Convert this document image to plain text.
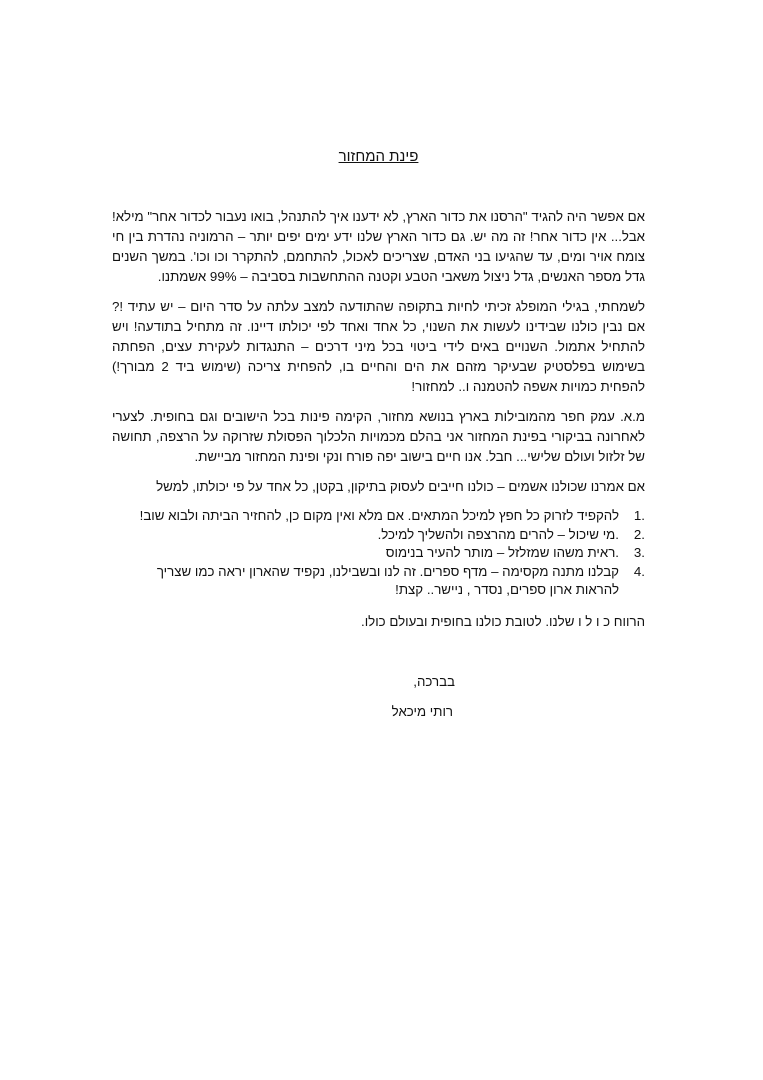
פינת המחזור

אם אפשר היה להגיד "הרסנו את כדור הארץ, לא ידענו איך להתנהל, בואו נעבור לכדור אחר" מילא! אבל... אין כדור אחר! זה מה יש. גם כדור הארץ שלנו ידע ימים יפים יותר – הרמוניה נהדרת בין חי צומח אויר ומים, עד שהגיעו בני האדם, שצריכים לאכול, להתחמם, להתקרר וכו וכו'. במשך השנים גדל מספר האנשים, גדל ניצול משאבי הטבע וקטנה ההתחשבות בסביבה – 99% אשמתנו.

לשמחתי, בגילי המופלג זכיתי לחיות בתקופה שהתודעה למצב עלתה על סדר היום – יש עתיד !? אם נבין כולנו שבידינו לעשות את השנוי, כל אחד ואחד לפי יכולתו דיינו. זה מתחיל בתודעה! ויש להתחיל אתמול. השנויים באים לידי ביטוי בכל מיני דרכים – התנגדות לעקירת עצים, הפחתה בשימוש בפלסטיק שבעיקר מזהם את הים והחיים בו, להפחית צריכה (שימוש ביד 2 מבורך!) להפחית כמויות אשפה להטמנה ו.. למחזור!

מ.א. עמק חפר מהמובילות בארץ בנושא מחזור, הקימה פינות בכל הישובים וגם בחופית. לצערי לאחרונה בביקורי בפינת המחזור אני בהלם מכמויות הלכלוך הפסולת שזרוקה על הרצפה, תחושה של זלזול ועולם שלישי... חבל. אנו חיים בישוב יפה פורח ונקי ופינת המחזור מביישת.

אם אמרנו שכולנו אשמים – כולנו חייבים לעסוק בתיקון, בקטן, כל אחד על פי יכולתו, למשל

1.
להקפיד לזרוק כל חפץ למיכל המתאים. אם מלא ואין מקום כן, להחזיר הביתה ולבוא שוב!
2.
.מי שיכול – להרים מהרצפה ולהשליך למיכל.
3.
.ראית משהו שמזלזל – מותר להעיר בנימוס
4.
קבלנו מתנה מקסימה – מדף ספרים. זה לנו ובשבילנו, נקפיד שהארון יראה כמו שצריך להראות ארון ספרים, נסדר , ניישר.. קצת!

הרווח כ ו ל ו שלנו. לטובת כולנו בחופית ובעולם כולו.

בברכה,
רותי מיכאל
